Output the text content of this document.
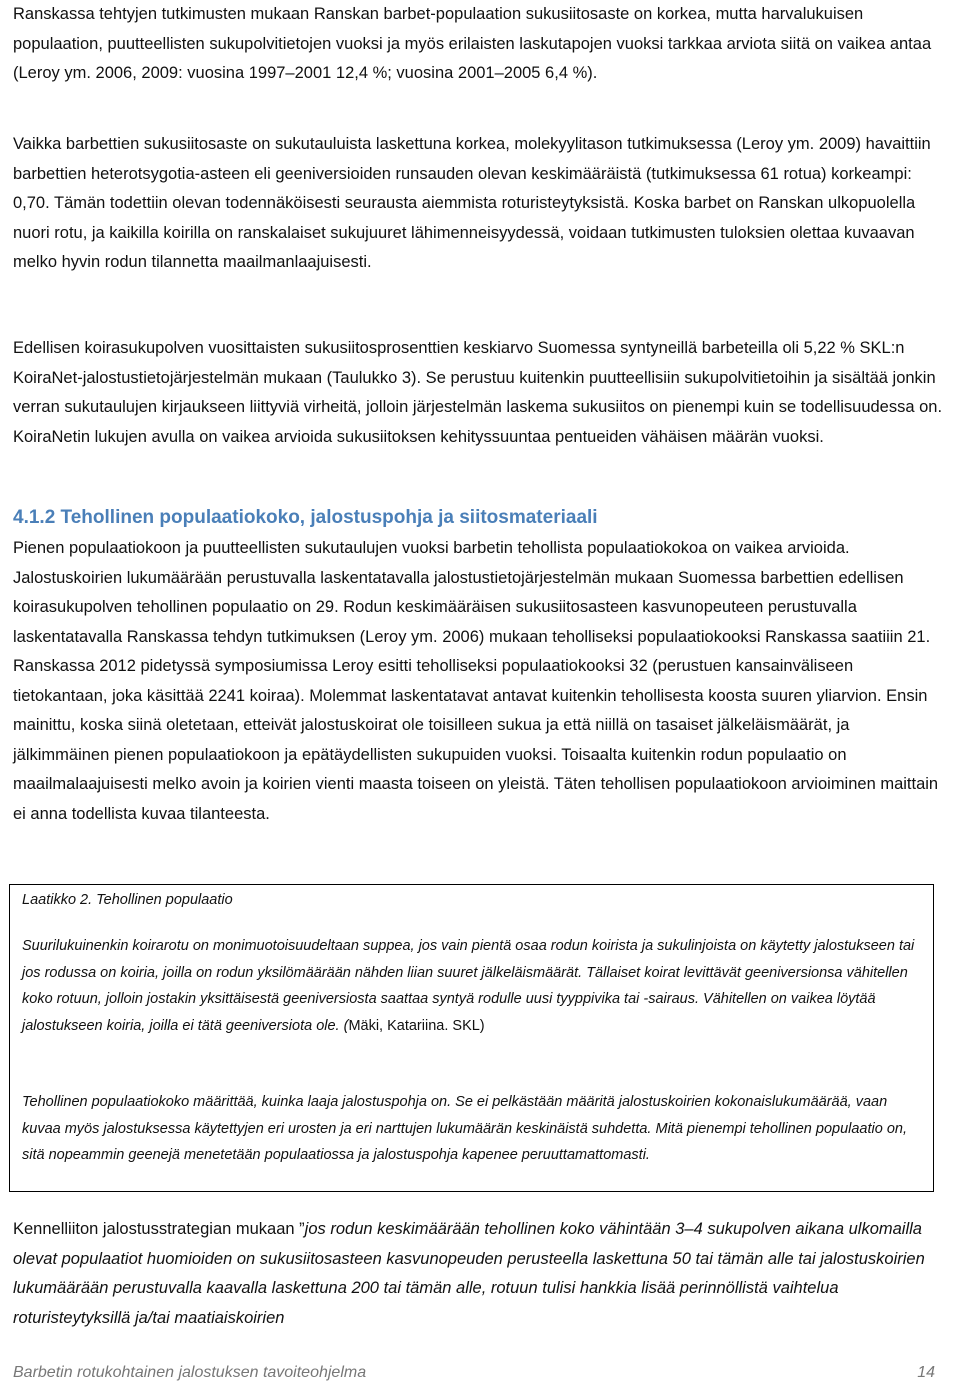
Ranskassa tehtyjen tutkimusten mukaan Ranskan barbet-populaation sukusiitosaste on korkea, mutta harvalukuisen populaation, puutteellisten sukupolvitietojen vuoksi ja myös erilaisten laskutapojen vuoksi tarkkaa arviota siitä on vaikea antaa (Leroy ym. 2006, 2009: vuosina 1997–2001 12,4 %; vuosina 2001–2005 6,4 %).

Vaikka barbettien sukusiitosaste on sukutauluista laskettuna korkea, molekyylitason tutkimuksessa (Leroy ym. 2009) havaittiin barbettien heterotsygotia-asteen eli geeniversioiden runsauden olevan keskimääräistä (tutkimuksessa 61 rotua) korkeampi: 0,70. Tämän todettiin olevan todennäköisesti seurausta aiemmista roturisteytyksistä. Koska barbet on Ranskan ulkopuolella nuori rotu, ja kaikilla koirilla on ranskalaiset sukujuuret lähimenneisyydessä, voidaan tutkimusten tuloksien olettaa kuvaavan melko hyvin rodun tilannetta maailmanlaajuisesti.

Edellisen koirasukupolven vuosittaisten sukusiitosprosenttien keskiarvo Suomessa syntyneillä barbeteilla oli 5,22 % SKL:n KoiraNet-jalostustietojärjestelmän mukaan (Taulukko 3). Se perustuu kuitenkin puutteellisiin sukupolvitietoihin ja sisältää jonkin verran sukutaulujen kirjaukseen liittyviä virheitä, jolloin järjestelmän laskema sukusiitos on pienempi kuin se todellisuudessa on. KoiraNetin lukujen avulla on vaikea arvioida sukusiitoksen kehityssuuntaa pentueiden vähäisen määrän vuoksi.

4.1.2 Tehollinen populaatiokoko, jalostuspohja ja siitosmateriaali

Pienen populaatiokoon ja puutteellisten sukutaulujen vuoksi barbetin tehollista populaatiokokoa on vaikea arvioida. Jalostuskoirien lukumäärään perustuvalla laskentatavalla jalostustietojärjestelmän mukaan Suomessa barbettien edellisen koirasukupolven tehollinen populaatio on 29. Rodun keskimääräisen sukusiitosasteen kasvunopeuteen perustuvalla laskentatavalla Ranskassa tehdyn tutkimuksen (Leroy ym. 2006) mukaan teholliseksi populaatiokooksi Ranskassa saatiiin 21. Ranskassa 2012 pidetyssä symposiumissa Leroy esitti teholliseksi populaatiokooksi 32 (perustuen kansainväliseen tietokantaan, joka käsittää 2241 koiraa). Molemmat laskentatavat antavat kuitenkin tehollisesta koosta suuren yliarvion. Ensin mainittu, koska siinä oletetaan, etteivät jalostuskoirat ole toisilleen sukua ja että niillä on tasaiset jälkeläismäärät, ja jälkimmäinen pienen populaatiokoon ja epätäydellisten sukupuiden vuoksi. Toisaalta kuitenkin rodun populaatio on maailmalaajuisesti melko avoin ja koirien vienti maasta toiseen on yleistä. Täten tehollisen populaatiokoon arvioiminen maittain ei anna todellista kuvaa tilanteesta.

Laatikko 2. Tehollinen populaatio

Suurilukuinenkin koirarotu on monimuotoisuudeltaan suppea, jos vain pientä osaa rodun koirista ja sukulinjoista on käytetty jalostukseen tai jos rodussa on koiria, joilla on rodun yksilömäärään nähden liian suuret jälkeläismäärät. Tällaiset koirat levittävät geeniversionsa vähitellen koko rotuun, jolloin jostakin yksittäisestä geeniversiosta saattaa syntyä rodulle uusi tyyppivika tai -sairaus. Vähitellen on vaikea löytää jalostukseen koiria, joilla ei tätä geeniversiota ole. (Mäki, Katariina. SKL)

Tehollinen populaatiokoko määrittää, kuinka laaja jalostuspohja on. Se ei pelkästään määritä jalostuskoirien kokonaislukumäärää, vaan kuvaa myös jalostuksessa käytettyjen eri urosten ja eri narttujen lukumäärän keskinäistä suhdetta. Mitä pienempi tehollinen populaatio on, sitä nopeammin geenejä menetetään populaatiossa ja jalostuspohja kapenee peruuttamattomasti.

Kennelliiton jalostusstrategian mukaan ”jos rodun keskimäärään tehollinen koko vähintään 3–4 sukupolven aikana ulkomailla olevat populaatiot huomioiden on sukusiitosasteen kasvunopeuden perusteella laskettuna 50 tai tämän alle tai jalostuskoirien lukumäärään perustuvalla kaavalla laskettuna 200 tai tämän alle, rotuun tulisi hankkia lisää perinnöllistä vaihtelua roturisteytyksillä ja/tai maatiaiskoirien

Barbetin rotukohtainen jalostuksen tavoiteohjelma	14
